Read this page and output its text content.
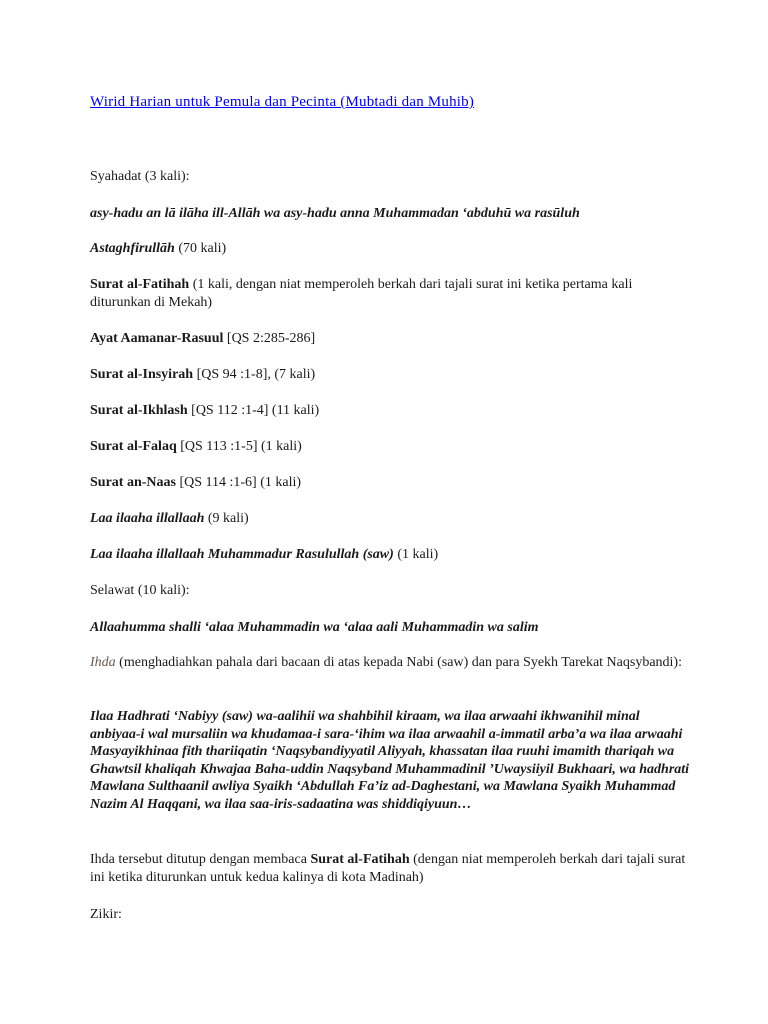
Wirid Harian untuk Pemula dan Pecinta (Mubtadi dan Muhib)
Syahadat (3 kali):
asy-hadu an lā ilāha ill-Allāh wa asy-hadu anna Muhammadan ‘abduhū wa rasūluh
Astaghfirullāh (70 kali)
Surat al-Fatihah (1 kali, dengan niat memperoleh berkah dari tajali surat ini ketika pertama kali diturunkan di Mekah)
Ayat Aamanar-Rasuul [QS 2:285-286]
Surat al-Insyirah [QS 94 :1-8], (7 kali)
Surat al-Ikhlash [QS 112 :1-4] (11 kali)
Surat al-Falaq [QS 113 :1-5] (1 kali)
Surat an-Naas [QS 114 :1-6] (1 kali)
Laa ilaaha illallaah (9 kali)
Laa ilaaha illallaah Muhammadur Rasulullah (saw) (1 kali)
Selawat (10 kali):
Allaahumma shalli ‘alaa Muhammadin wa ‘alaa aali Muhammadin wa salim
Ihda (menghadiahkan pahala dari bacaan di atas kepada Nabi (saw) dan para Syekh Tarekat Naqsybandi):
Ilaa Hadhrati ‘Nabiyy (saw) wa-aalihii wa shahbihil kiraam, wa ilaa arwaahi ikhwanihil minal anbiyaa-i wal mursaliin wa khudamaa-i sara-‘ihim wa ilaa arwaahil a-immatil arba’a wa ilaa arwaahi Masyayikhinaa fith thariiqatin ‘Naqsybandiyyatil Aliyyah, khassatan ilaa ruuhi imamith thariqah wa Ghawtsil khaliqah Khwajaa Baha-uddin Naqsyband Muhammadinil ’Uwaysiiyil Bukhaari, wa hadhrati Mawlana Sulthaanil awliya Syaikh ‘Abdullah Fa’iz ad-Daghestani, wa Mawlana Syaikh Muhammad Nazim Al Haqqani, wa ilaa saa-iris-sadaatina was shiddiqiyuun…
Ihda tersebut ditutup dengan membaca Surat al-Fatihah (dengan niat memperoleh berkah dari tajali surat ini ketika diturunkan untuk kedua kalinya di kota Madinah)
Zikir:
